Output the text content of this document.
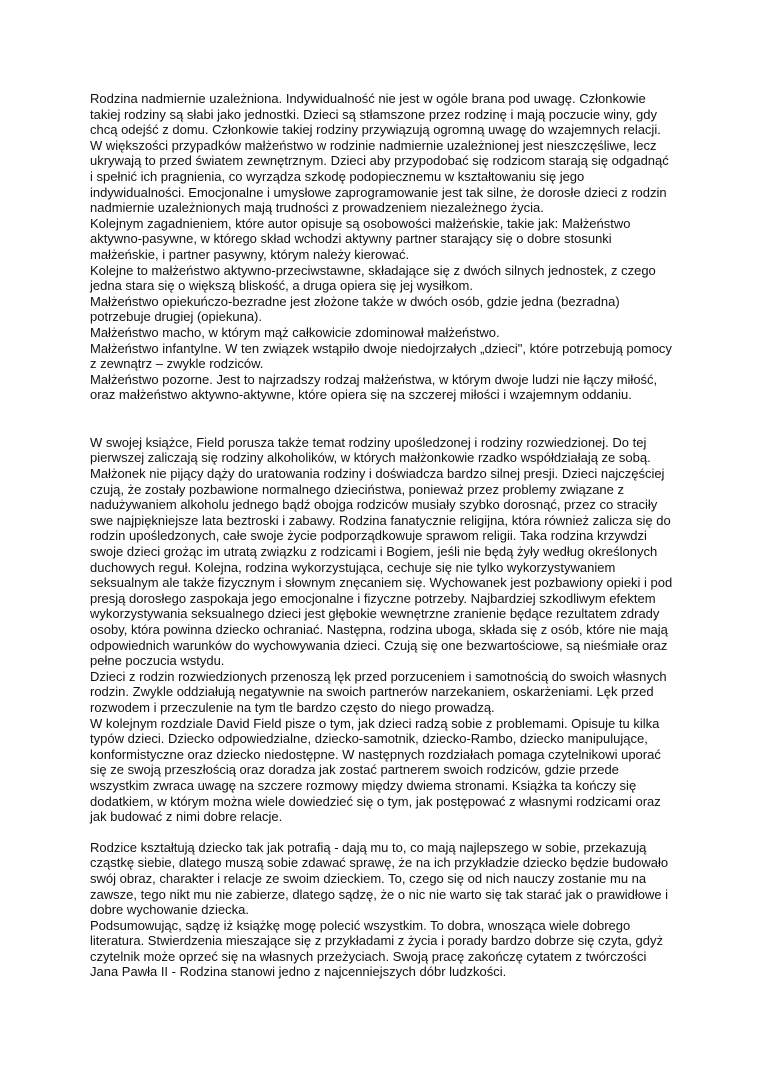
Rodzina nadmiernie uzależniona. Indywidualność nie jest w ogóle brana pod uwagę. Członkowie takiej rodziny są słabi jako jednostki. Dzieci są stłamszone przez rodzinę i mają poczucie winy, gdy chcą odejść z domu. Członkowie takiej rodziny przywiązują ogromną uwagę do wzajemnych relacji. W większości przypadków małżeństwo w rodzinie nadmiernie uzależnionej jest nieszczęśliwe, lecz ukrywają to przed światem zewnętrznym. Dzieci aby przypodobać się rodzicom starają się odgadnąć i spełnić ich pragnienia, co wyrządza szkodę podopiecznemu w kształtowaniu się jego indywidualności. Emocjonalne i umysłowe zaprogramowanie jest tak silne, że dorosłe dzieci z rodzin nadmiernie uzależnionych mają trudności z prowadzeniem niezależnego życia.

Kolejnym zagadnieniem, które autor opisuje są osobowości małżeńskie, takie jak: Małżeństwo aktywno-pasywne, w którego skład wchodzi aktywny partner starający się o dobre stosunki małżeńskie, i partner pasywny, którym należy kierować.

Kolejne to małżeństwo aktywno-przeciwstawne, składające się z dwóch silnych jednostek, z czego jedna stara się o większą bliskość, a druga opiera się jej wysiłkom.

Małżeństwo opiekuńczo-bezradne jest złożone także w dwóch osób, gdzie jedna (bezradna) potrzebuje drugiej (opiekuna).

Małżeństwo macho, w którym mąż całkowicie zdominował małżeństwo.

Małżeństwo infantylne. W ten związek wstąpiło dwoje niedojrzałych „dzieci", które potrzebują pomocy z zewnątrz – zwykle rodziców.

Małżeństwo pozorne. Jest to najrzadszy rodzaj małżeństwa, w którym dwoje ludzi nie łączy miłość, oraz małżeństwo aktywno-aktywne, które opiera się na szczerej miłości i wzajemnym oddaniu.

W swojej książce, Field porusza także temat rodziny upośledzonej i rodziny rozwiedzionej. Do tej pierwszej zaliczają się rodziny alkoholików, w których małżonkowie rzadko współdziałają ze sobą. Małżonek nie pijący dąży do uratowania rodziny i doświadcza bardzo silnej presji. Dzieci najczęściej czują, że zostały pozbawione normalnego dzieciństwa, ponieważ przez problemy związane z nadużywaniem alkoholu jednego bądź obojga rodziców musiały szybko dorosnąć, przez co straciły swe najpiękniejsze lata beztroski i zabawy. Rodzina fanatycznie religijna, która również zalicza się do rodzin upośledzonych, całe swoje życie podporządkowuje sprawom religii. Taka rodzina krzywdzi swoje dzieci grożąc im utratą związku z rodzicami i Bogiem, jeśli nie będą żyły według określonych duchowych reguł. Kolejna, rodzina wykorzystująca, cechuje się nie tylko wykorzystywaniem seksualnym ale także fizycznym i słownym znęcaniem się. Wychowanek jest pozbawiony opieki i pod presją dorosłego zaspokaja jego emocjonalne i fizyczne potrzeby. Najbardziej szkodliwym efektem wykorzystywania seksualnego dzieci jest głębokie wewnętrzne zranienie będące rezultatem zdrady osoby, która powinna dziecko ochraniać. Następna, rodzina uboga, składa się z osób, które nie mają odpowiednich warunków do wychowywania dzieci. Czują się one bezwartościowe, są nieśmiałe oraz pełne poczucia wstydu.

Dzieci z rodzin rozwiedzionych przenoszą lęk przed porzuceniem i samotnością do swoich własnych rodzin. Zwykle oddziałują negatywnie na swoich partnerów narzekaniem, oskarżeniami. Lęk przed rozwodem i przeczulenie na tym tle bardzo często do niego prowadzą.

W kolejnym rozdziale David Field pisze o tym, jak dzieci radzą sobie z problemami. Opisuje tu kilka typów dzieci. Dziecko odpowiedzialne, dziecko-samotnik, dziecko-Rambo, dziecko manipulujące, konformistyczne oraz dziecko niedostępne. W następnych rozdziałach pomaga czytelnikowi uporać się ze swoją przeszłością oraz doradza jak zostać partnerem swoich rodziców, gdzie przede wszystkim zwraca uwagę na szczere rozmowy między dwiema stronami. Książka ta kończy się dodatkiem, w którym można wiele dowiedzieć się o tym, jak postępować z własnymi rodzicami oraz jak budować z nimi dobre relacje.

Rodzice kształtują dziecko tak jak potrafią - dają mu to, co mają najlepszego w sobie, przekazują cząstkę siebie, dlatego muszą sobie zdawać sprawę, że na ich przykładzie dziecko będzie budowało swój obraz, charakter i relacje ze swoim dzieckiem. To, czego się od nich nauczy zostanie mu na zawsze, tego nikt mu nie zabierze, dlatego sądzę, że o nic nie warto się tak starać jak o prawidłowe i dobre wychowanie dziecka.

Podsumowując, sądzę iż książkę mogę polecić wszystkim. To dobra, wnosząca wiele dobrego literatura. Stwierdzenia mieszające się z przykładami z życia i porady bardzo dobrze się czyta, gdyż czytelnik może oprzeć się na własnych przeżyciach. Swoją pracę zakończę cytatem z twórczości Jana Pawła II - Rodzina stanowi jedno z najcenniejszych dóbr ludzkości.
